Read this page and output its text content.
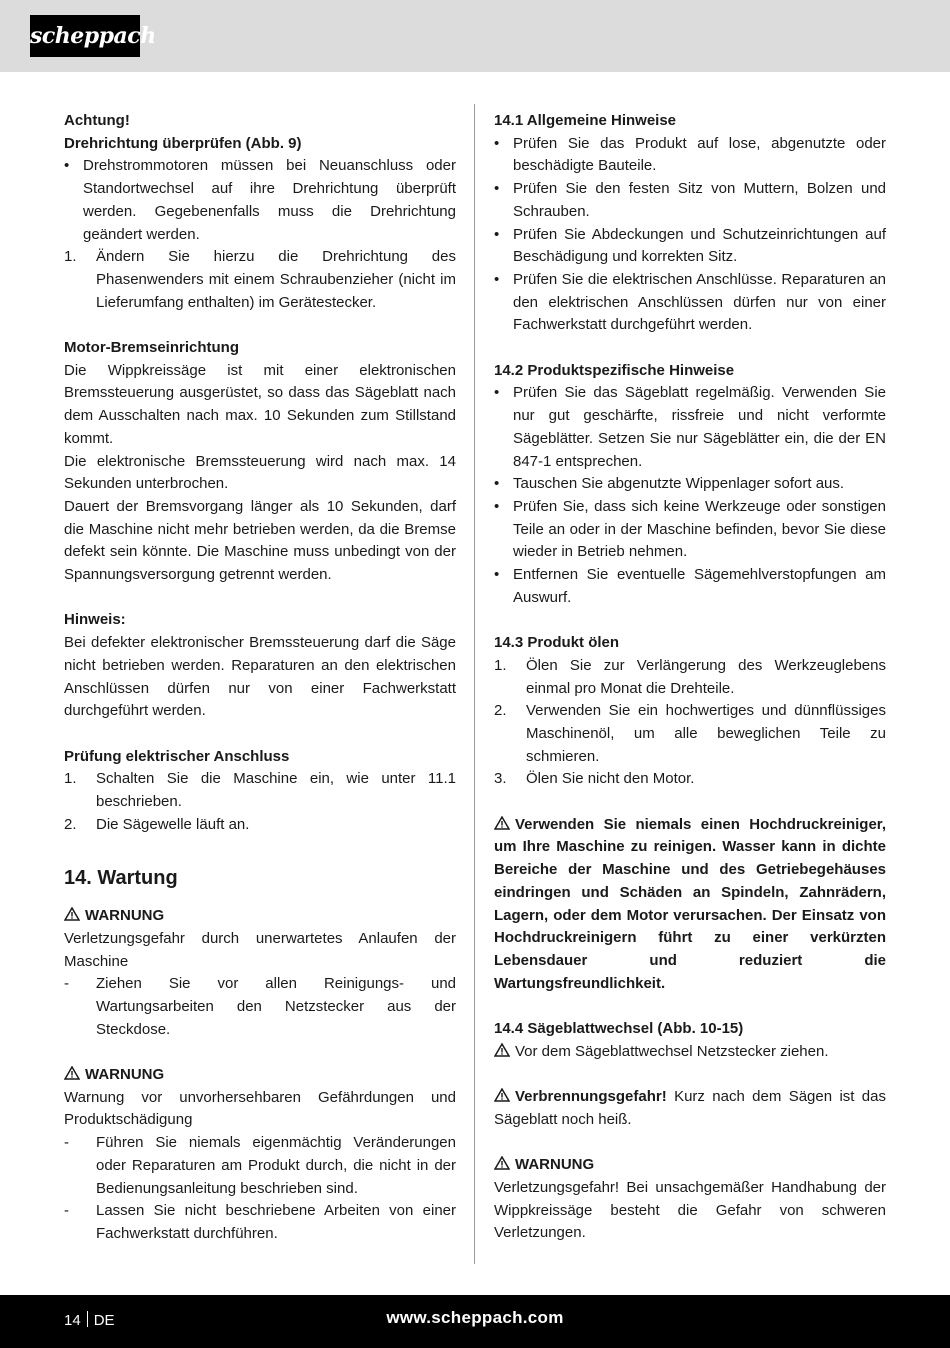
scheppach

Achtung!

Drehrichtung überprüfen (Abb. 9)

• Drehstrommotoren müssen bei Neuanschluss oder Standortwechsel auf ihre Drehrichtung überprüft werden. Gegebenenfalls muss die Drehrichtung geändert werden.
1. Ändern Sie hierzu die Drehrichtung des Phasenwenders mit einem Schraubenzieher (nicht im Lieferumfang enthalten) im Gerätestecker.

Motor-Bremseinrichtung

Die Wippkreissäge ist mit einer elektronischen Bremssteuerung ausgerüstet, so dass das Sägeblatt nach dem Ausschalten nach max. 10 Sekunden zum Stillstand kommt.

Die elektronische Bremssteuerung wird nach max. 14 Sekunden unterbrochen.

Dauert der Bremsvorgang länger als 10 Sekunden, darf die Maschine nicht mehr betrieben werden, da die Bremse defekt sein könnte. Die Maschine muss unbedingt von der Spannungsversorgung getrennt werden.

Hinweis:

Bei defekter elektronischer Bremssteuerung darf die Säge nicht betrieben werden. Reparaturen an den elektrischen Anschlüssen dürfen nur von einer Fachwerkstatt durchgeführt werden.

Prüfung elektrischer Anschluss

1. Schalten Sie die Maschine ein, wie unter 11.1 beschrieben.
2. Die Sägewelle läuft an.
14. Wartung

WARNUNG

Verletzungsgefahr durch unerwartetes Anlaufen der Maschine

- Ziehen Sie vor allen Reinigungs- und Wartungsarbeiten den Netzstecker aus der Steckdose.

WARNUNG

Warnung vor unvorhersehbaren Gefährdungen und Produktschädigung

- Führen Sie niemals eigenmächtig Veränderungen oder Reparaturen am Produkt durch, die nicht in der Bedienungsanleitung beschrieben sind.
- Lassen Sie nicht beschriebene Arbeiten von einer Fachwerkstatt durchführen.

14.1 Allgemeine Hinweise

• Prüfen Sie das Produkt auf lose, abgenutzte oder beschädigte Bauteile.
• Prüfen Sie den festen Sitz von Muttern, Bolzen und Schrauben.
• Prüfen Sie Abdeckungen und Schutzeinrichtungen auf Beschädigung und korrekten Sitz.
• Prüfen Sie die elektrischen Anschlüsse. Reparaturen an den elektrischen Anschlüssen dürfen nur von einer Fachwerkstatt durchgeführt werden.

14.2 Produktspezifische Hinweise

• Prüfen Sie das Sägeblatt regelmäßig. Verwenden Sie nur gut geschärfte, rissfreie und nicht verformte Sägeblätter. Setzen Sie nur Sägeblätter ein, die der EN 847-1 entsprechen.
• Tauschen Sie abgenutzte Wippenlager sofort aus.
• Prüfen Sie, dass sich keine Werkzeuge oder sonstigen Teile an oder in der Maschine befinden, bevor Sie diese wieder in Betrieb nehmen.
• Entfernen Sie eventuelle Sägemehlverstopfungen am Auswurf.

14.3 Produkt ölen

1. Ölen Sie zur Verlängerung des Werkzeuglebens einmal pro Monat die Drehteile.
2. Verwenden Sie ein hochwertiges und dünnflüssiges Maschinenöl, um alle beweglichen Teile zu schmieren.
3. Ölen Sie nicht den Motor.

Verwenden Sie niemals einen Hochdruckreiniger, um Ihre Maschine zu reinigen. Wasser kann in dichte Bereiche der Maschine und des Getriebegehäuses eindringen und Schäden an Spindeln, Zahnrädern, Lagern, oder dem Motor verursachen. Der Einsatz von Hochdruckreinigern führt zu einer verkürzten Lebensdauer und reduziert die Wartungsfreundlichkeit.

14.4 Sägeblattwechsel (Abb. 10-15)

Vor dem Sägeblattwechsel Netzstecker ziehen.

Verbrennungsgefahr! Kurz nach dem Sägen ist das Sägeblatt noch heiß.

WARNUNG

Verletzungsgefahr! Bei unsachgemäßer Handhabung der Wippkreissäge besteht die Gefahr von schweren Verletzungen.

14 DE	www.scheppach.com
